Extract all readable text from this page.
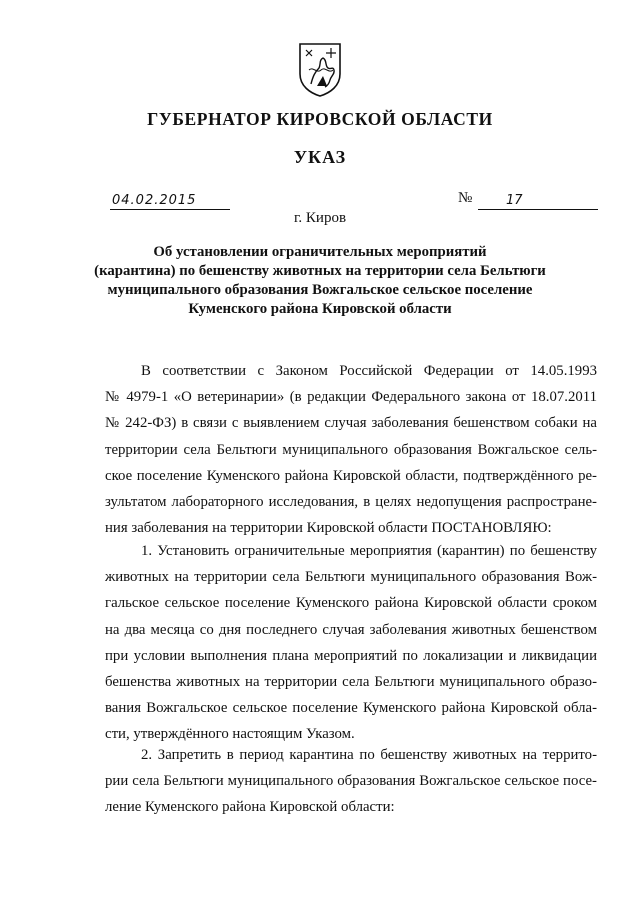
ГУБЕРНАТОР КИРОВСКОЙ ОБЛАСТИ
УКАЗ
04.02.2015	№	17
г. Киров
Об установлении ограничительных мероприятий
(карантина) по бешенству животных на территории села Бельтюги
муниципального образования Вожгальское сельское поселение
Куменского района Кировской области

В соответствии с Законом Российской Федерации от 14.05.1993
№ 4979-1 «О ветеринарии» (в редакции Федерального закона от 18.07.2011
№ 242-ФЗ) в связи с выявлением случая заболевания бешенством собаки на
территории села Бельтюги муниципального образования Вожгальское сель-
ское поселение Куменского района Кировской области, подтверждённого ре-
зультатом лабораторного исследования, в целях недопущения распростране-
ния заболевания на территории Кировской области ПОСТАНОВЛЯЮ:

1. Установить ограничительные мероприятия (карантин) по бешенству
животных на территории села Бельтюги муниципального образования Вож-
гальское сельское поселение Куменского района Кировской области сроком
на два месяца со дня последнего случая заболевания животных бешенством
при условии выполнения плана мероприятий по локализации и ликвидации
бешенства животных на территории села Бельтюги муниципального образо-
вания Вожгальское сельское поселение Куменского района Кировской обла-
сти, утверждённого настоящим Указом.

2. Запретить в период карантина по бешенству животных на террито-
рии села Бельтюги муниципального образования Вожгальское сельское посе-
ление Куменского района Кировской области:
